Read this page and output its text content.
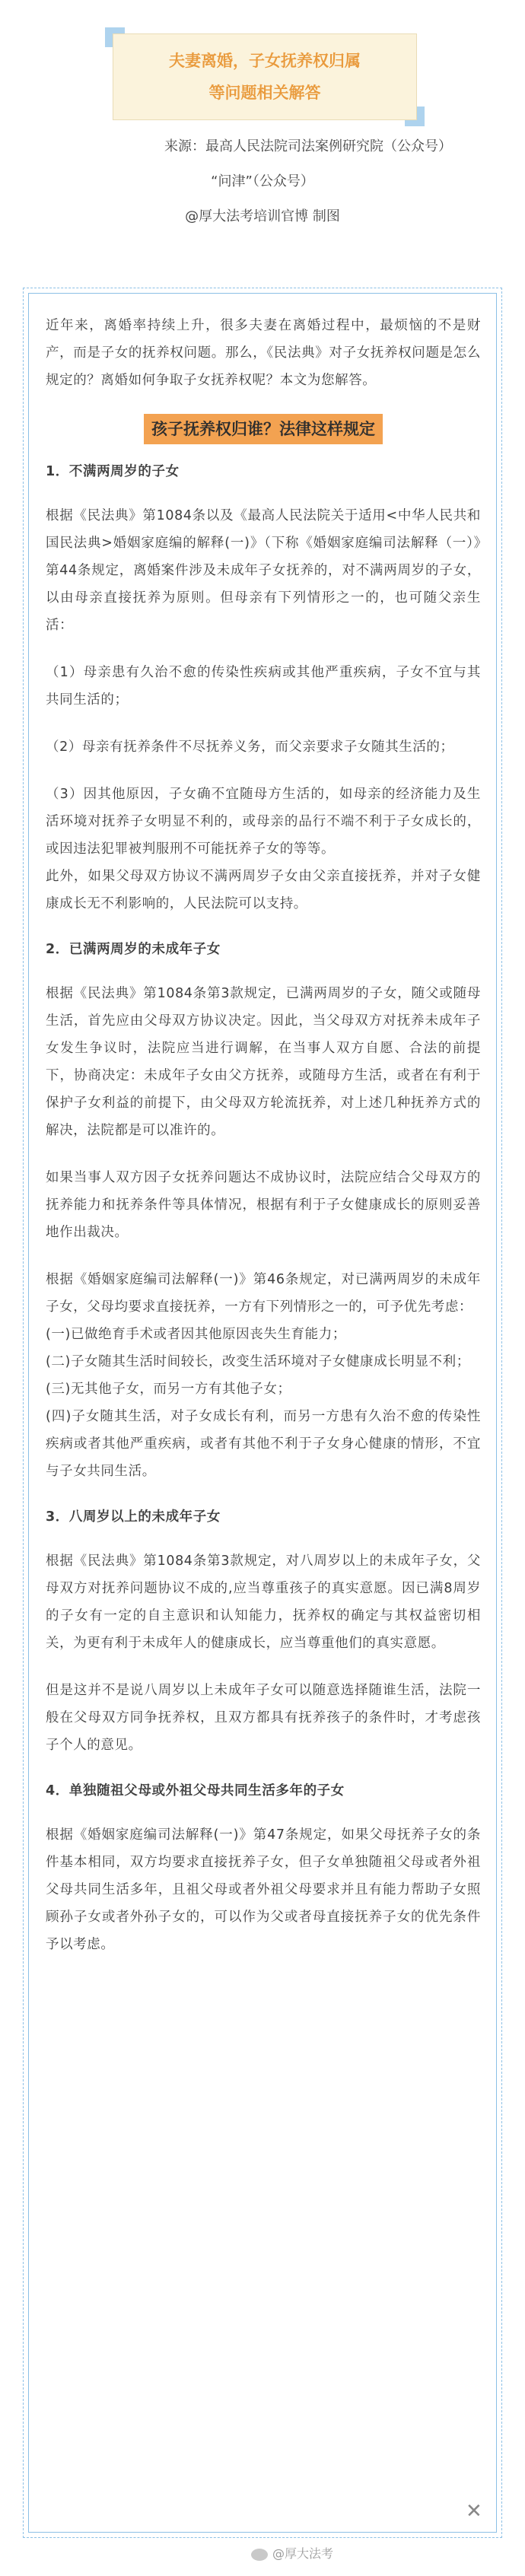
夫妻离婚，子女抚养权归属
等问题相关解答
来源：最高人民法院司法案例研究院（公众号）
“问津”（公众号）
@厚大法考培训官博 制图

近年来，离婚率持续上升，很多夫妻在离婚过程中，最烦恼的不是财产，而是子女的抚养权问题。那么，《民法典》对子女抚养权问题是怎么规定的？离婚如何争取子女抚养权呢？本文为您解答。

孩子抚养权归谁？法律这样规定

1．不满两周岁的子女

根据《民法典》第1084条以及《最高人民法院关于适用<中华人民共和国民法典>婚姻家庭编的解释(一)》（下称《婚姻家庭编司法解释（一）》第44条规定，离婚案件涉及未成年子女抚养的，对不满两周岁的子女，以由母亲直接抚养为原则。但母亲有下列情形之一的，也可随父亲生活：

（1）母亲患有久治不愈的传染性疾病或其他严重疾病，子女不宜与其共同生活的；

（2）母亲有抚养条件不尽抚养义务，而父亲要求子女随其生活的；

（3）因其他原因，子女确不宜随母方生活的，如母亲的经济能力及生活环境对抚养子女明显不利的，或母亲的品行不端不利于子女成长的，或因违法犯罪被判服刑不可能抚养子女的等等。

此外，如果父母双方协议不满两周岁子女由父亲直接抚养，并对子女健康成长无不利影响的，人民法院可以支持。

2．已满两周岁的未成年子女

根据《民法典》第1084条第3款规定，已满两周岁的子女，随父或随母生活，首先应由父母双方协议决定。因此，当父母双方对抚养未成年子女发生争议时，法院应当进行调解，在当事人双方自愿、合法的前提下，协商决定：未成年子女由父方抚养，或随母方生活，或者在有利于保护子女利益的前提下，由父母双方轮流抚养，对上述几种抚养方式的解决，法院都是可以准许的。

如果当事人双方因子女抚养问题达不成协议时，法院应结合父母双方的抚养能力和抚养条件等具体情况，根据有利于子女健康成长的原则妥善地作出裁决。

根据《婚姻家庭编司法解释(一)》第46条规定，对已满两周岁的未成年子女，父母均要求直接抚养，一方有下列情形之一的，可予优先考虑：

(一)已做绝育手术或者因其他原因丧失生育能力；

(二)子女随其生活时间较长，改变生活环境对子女健康成长明显不利；

(三)无其他子女，而另一方有其他子女；

(四)子女随其生活，对子女成长有利，而另一方患有久治不愈的传染性疾病或者其他严重疾病，或者有其他不利于子女身心健康的情形，不宜与子女共同生活。

3．八周岁以上的未成年子女

根据《民法典》第1084条第3款规定，对八周岁以上的未成年子女，父母双方对抚养问题协议不成的,应当尊重孩子的真实意愿。因已满8周岁的子女有一定的自主意识和认知能力，抚养权的确定与其权益密切相关，为更有利于未成年人的健康成长，应当尊重他们的真实意愿。

但是这并不是说八周岁以上未成年子女可以随意选择随谁生活，法院一般在父母双方同争抚养权，且双方都具有抚养孩子的条件时，才考虑孩子个人的意见。

4．单独随祖父母或外祖父母共同生活多年的子女

根据《婚姻家庭编司法解释(一)》第47条规定，如果父母抚养子女的条件基本相同，双方均要求直接抚养子女，但子女单独随祖父母或者外祖父母共同生活多年，且祖父母或者外祖父母要求并且有能力帮助子女照顾孙子女或者外孙子女的，可以作为父或者母直接抚养子女的优先条件予以考虑。

✕
@厚大法考
